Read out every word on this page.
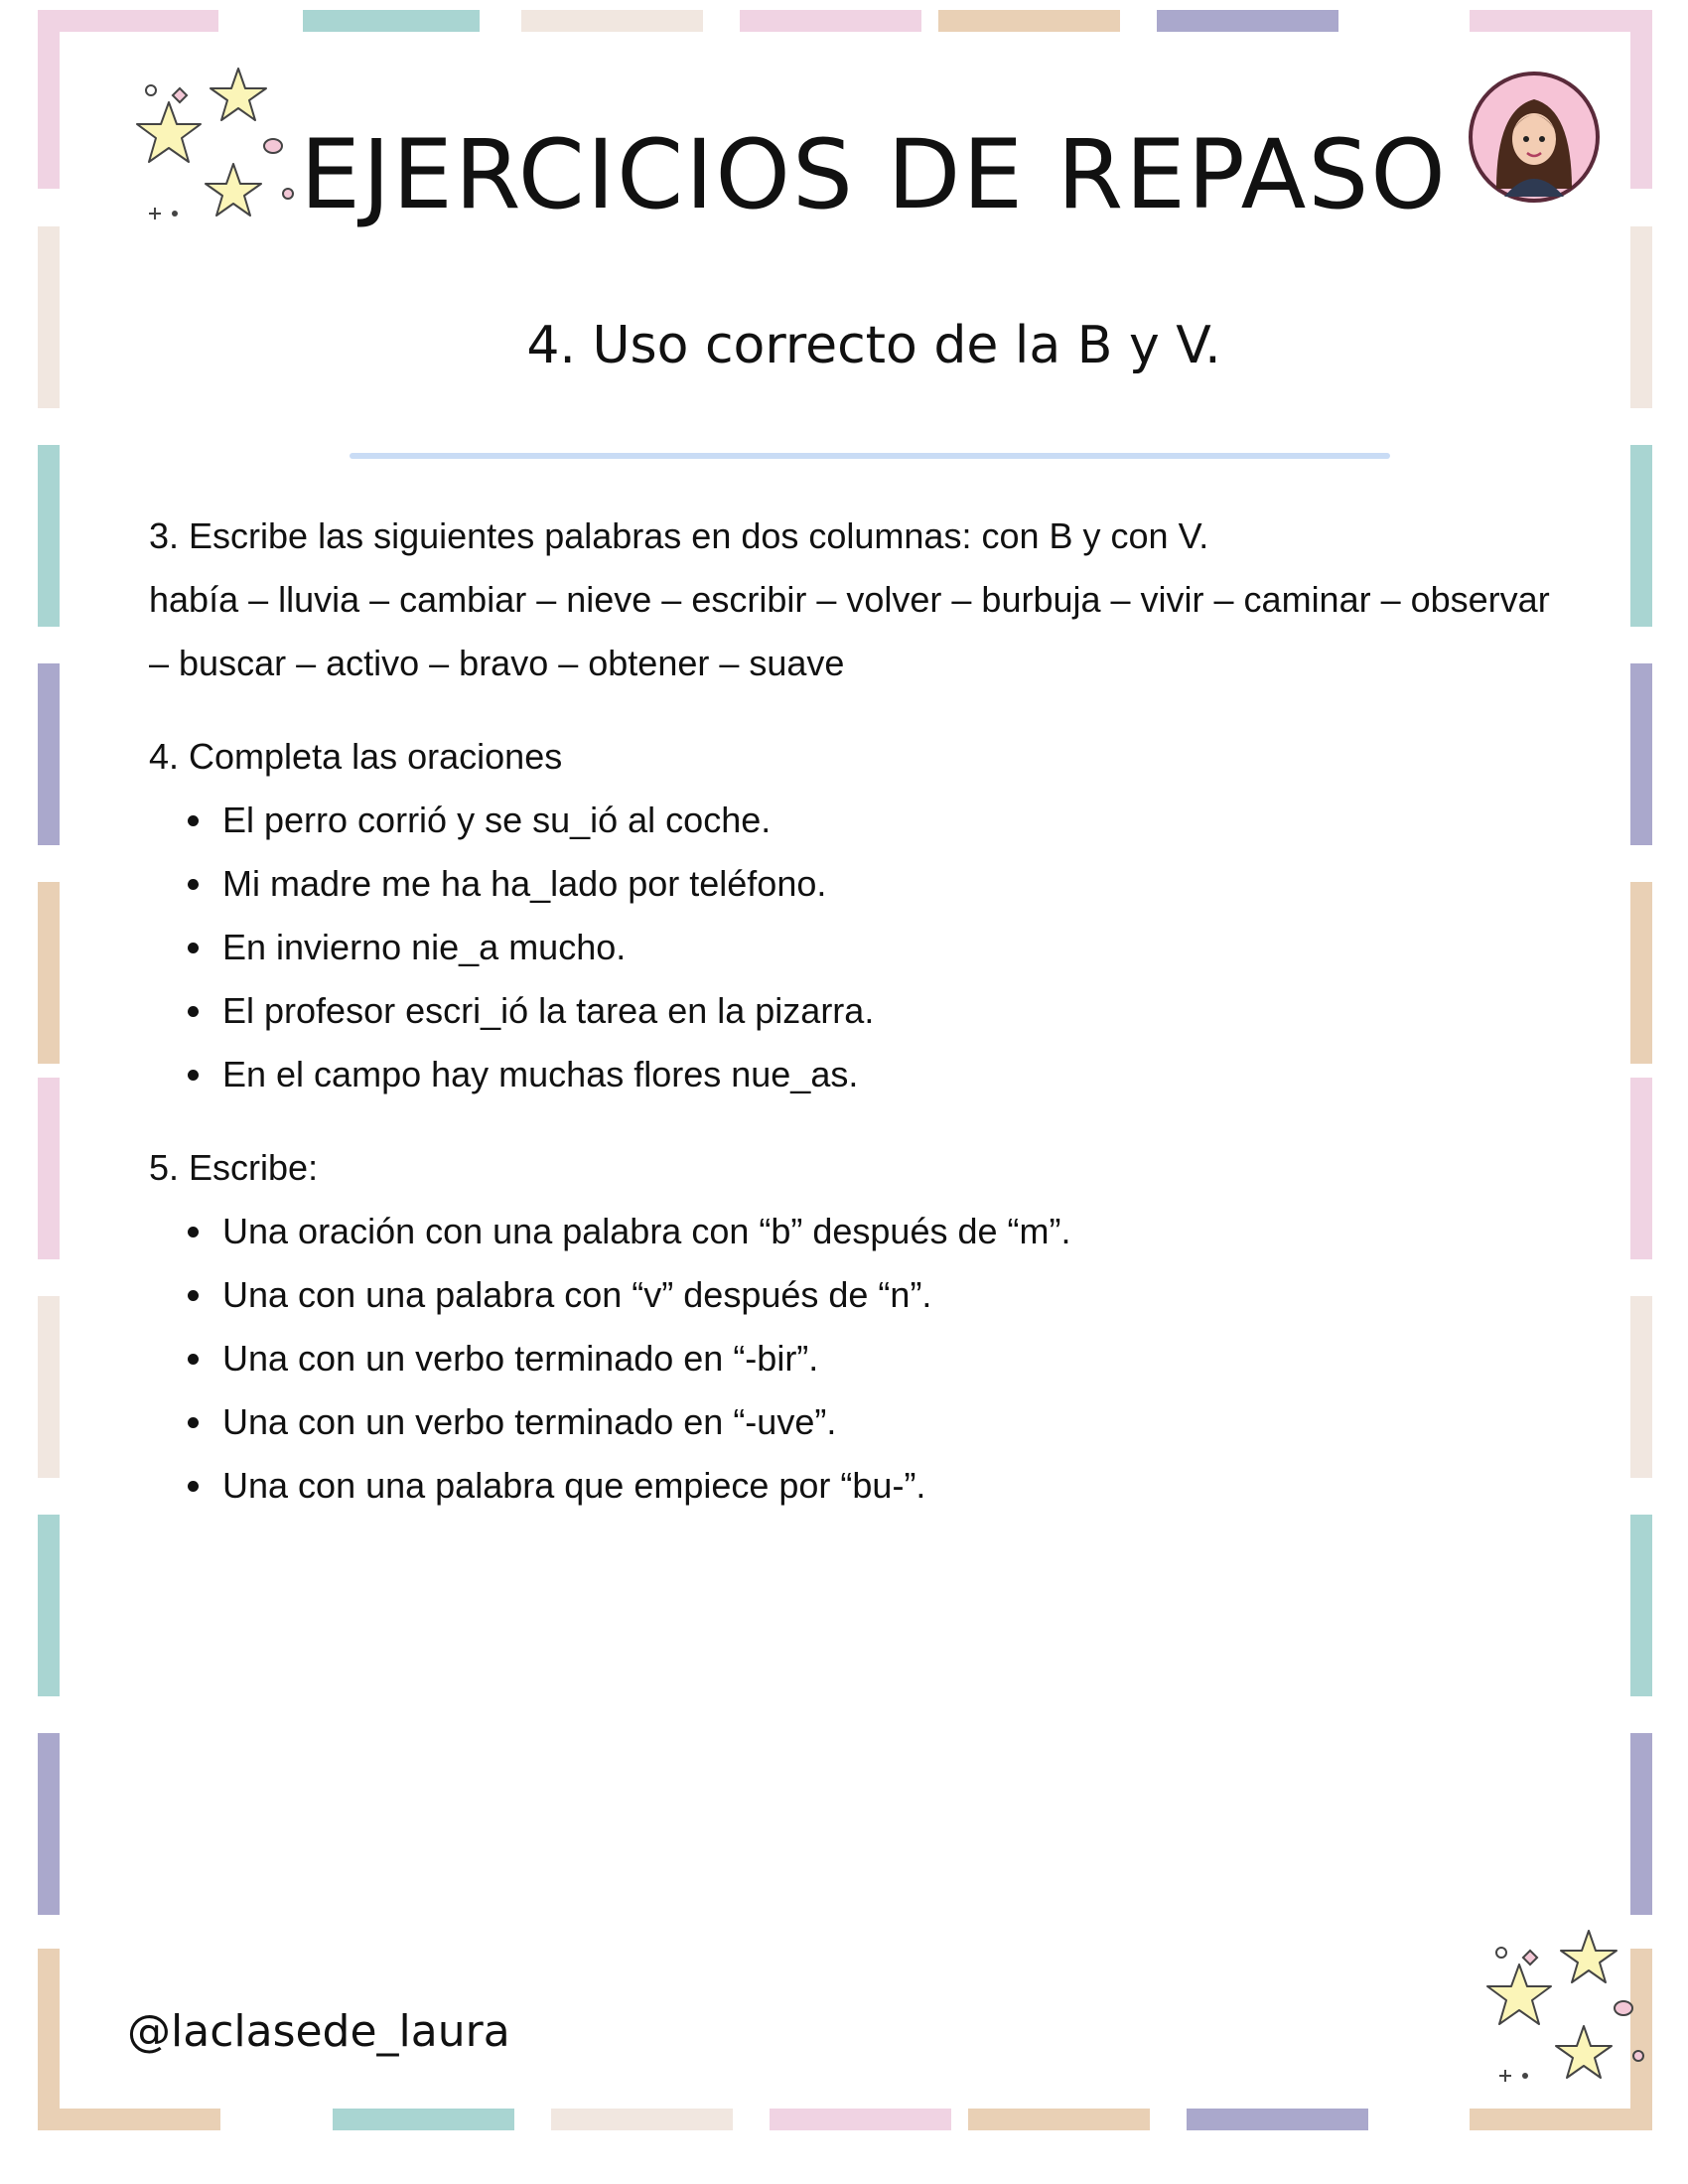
EJERCICIOS DE REPASO
4. Uso correcto de la B y V.

3. Escribe las siguientes palabras en dos columnas: con B y con V.

había – lluvia – cambiar – nieve – escribir – volver – burbuja – vivir – caminar – observar – buscar – activo – bravo – obtener – suave

4. Completa las oraciones

• El perro corrió y se su_ió al coche.
• Mi madre me ha ha_lado por teléfono.
• En invierno nie_a mucho.
• El profesor escri_ió la tarea en la pizarra.
• En el campo hay muchas flores nue_as.

5. Escribe:

• Una oración con una palabra con “b” después de “m”.
• Una con una palabra con “v” después de “n”.
• Una con un verbo terminado en “-bir”.
• Una con un verbo terminado en “-uve”.
• Una con una palabra que empiece por “bu-”.
@laclasede_laura
